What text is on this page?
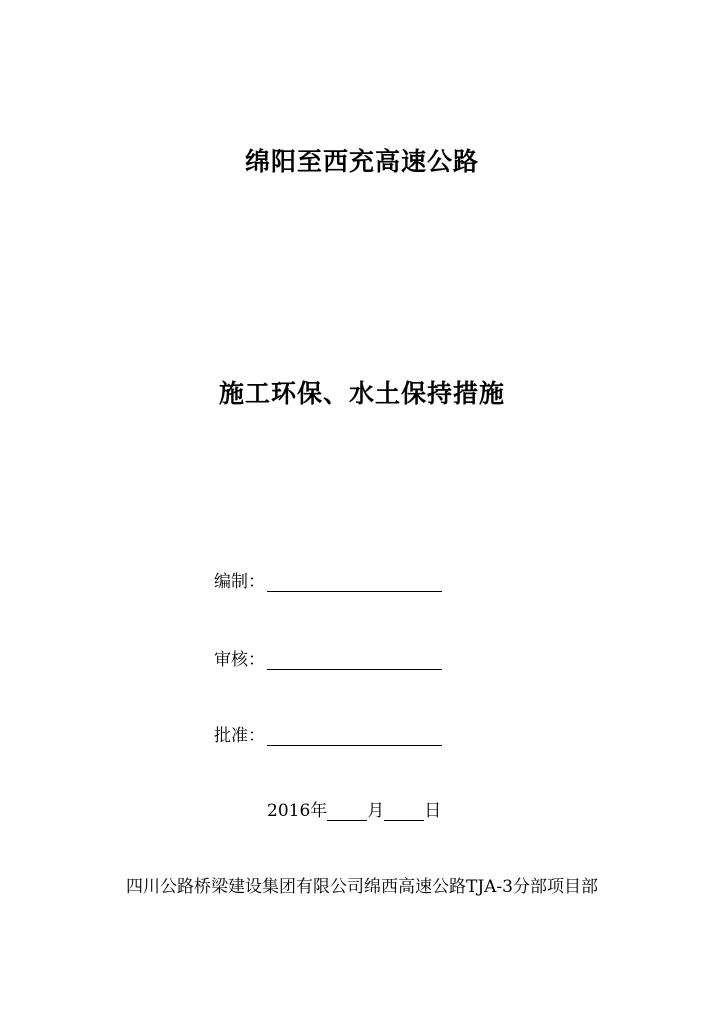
绵阳至西充高速公路
施工环保、水土保持措施
编制 ：
审核 ：
批准 ：
2016 年 月 日
四川公路桥梁建设集团有限公司绵西高速公路TJA-3分部项目部
